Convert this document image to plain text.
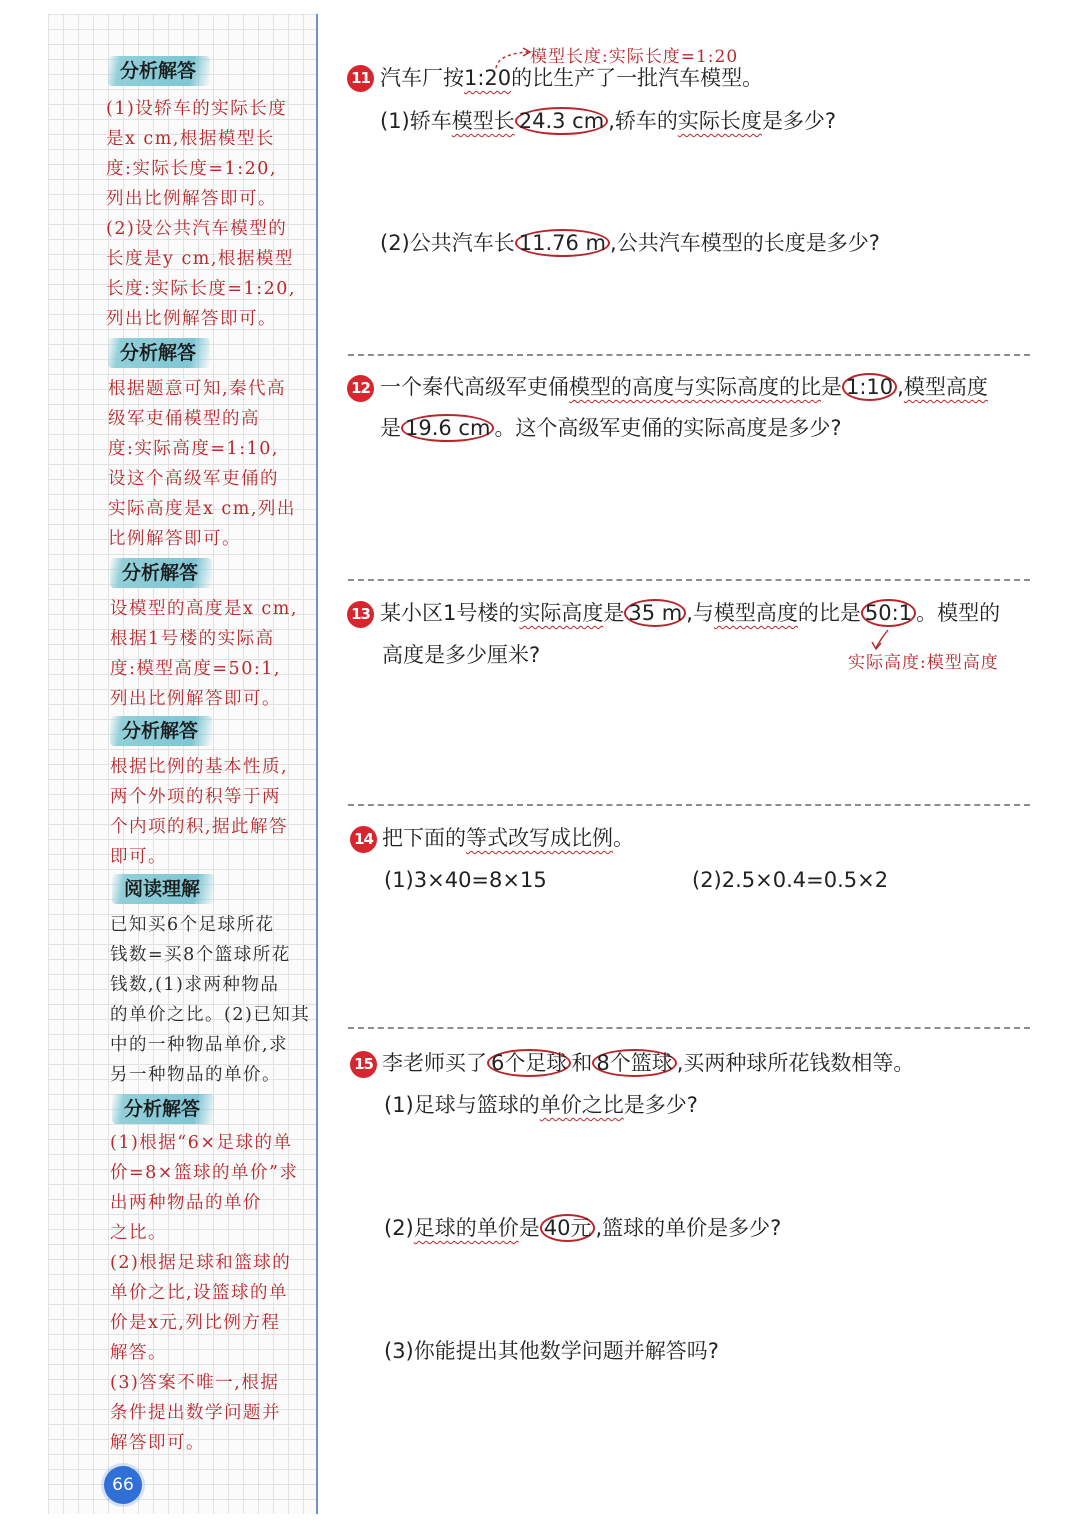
分析解答

(1)设轿车的实际长度

是x cm,根据模型长

度:实际长度=1:20,

列出比例解答即可。

(2)设公共汽车模型的

长度是y cm,根据模型

长度:实际长度=1:20,

列出比例解答即可。

分析解答

根据题意可知,秦代高

级军吏俑模型的高

度:实际高度=1:10,

设这个高级军吏俑的

实际高度是x cm,列出

比例解答即可。

分析解答

设模型的高度是x cm,

根据1号楼的实际高

度:模型高度=50:1,

列出比例解答即可。

分析解答

根据比例的基本性质,

两个外项的积等于两

个内项的积,据此解答

即可。

阅读理解

已知买6个足球所花

钱数=买8个篮球所花

钱数,(1)求两种物品

的单价之比。(2)已知其

中的一种物品单价,求

另一种物品的单价。

分析解答

(1)根据“6×足球的单

价=8×篮球的单价”求

出两种物品的单价

之比。

(2)根据足球和篮球的

单价之比,设篮球的单

价是x元,列比例方程

解答。

(3)答案不唯一,根据

条件提出数学问题并

解答即可。

66
模型长度:实际长度=1:20
11 汽车厂按1:20的比生产了一批汽车模型。
(1)轿车模型长 24.3 cm ,轿车的实际长度是多少?
(2)公共汽车长 11.76 m ,公共汽车模型的长度是多少?
12 一个秦代高级军吏俑模型的高度与实际高度的比是 1:10 ,模型高度
是 19.6 cm 。这个高级军吏俑的实际高度是多少?
13 某小区1号楼的实际高度是 35 m ,与模型高度的比是 50:1 。模型的
高度是多少厘米?	实际高度:模型高度
14 把下面的等式改写成比例。
(1)3×40=8×15	(2)2.5×0.4=0.5×2
15 李老师买了 6个足球 和 8个篮球 ,买两种球所花钱数相等。
(1)足球与篮球的单价之比是多少?
(2)足球的单价是 40元 ,篮球的单价是多少?
(3)你能提出其他数学问题并解答吗?
